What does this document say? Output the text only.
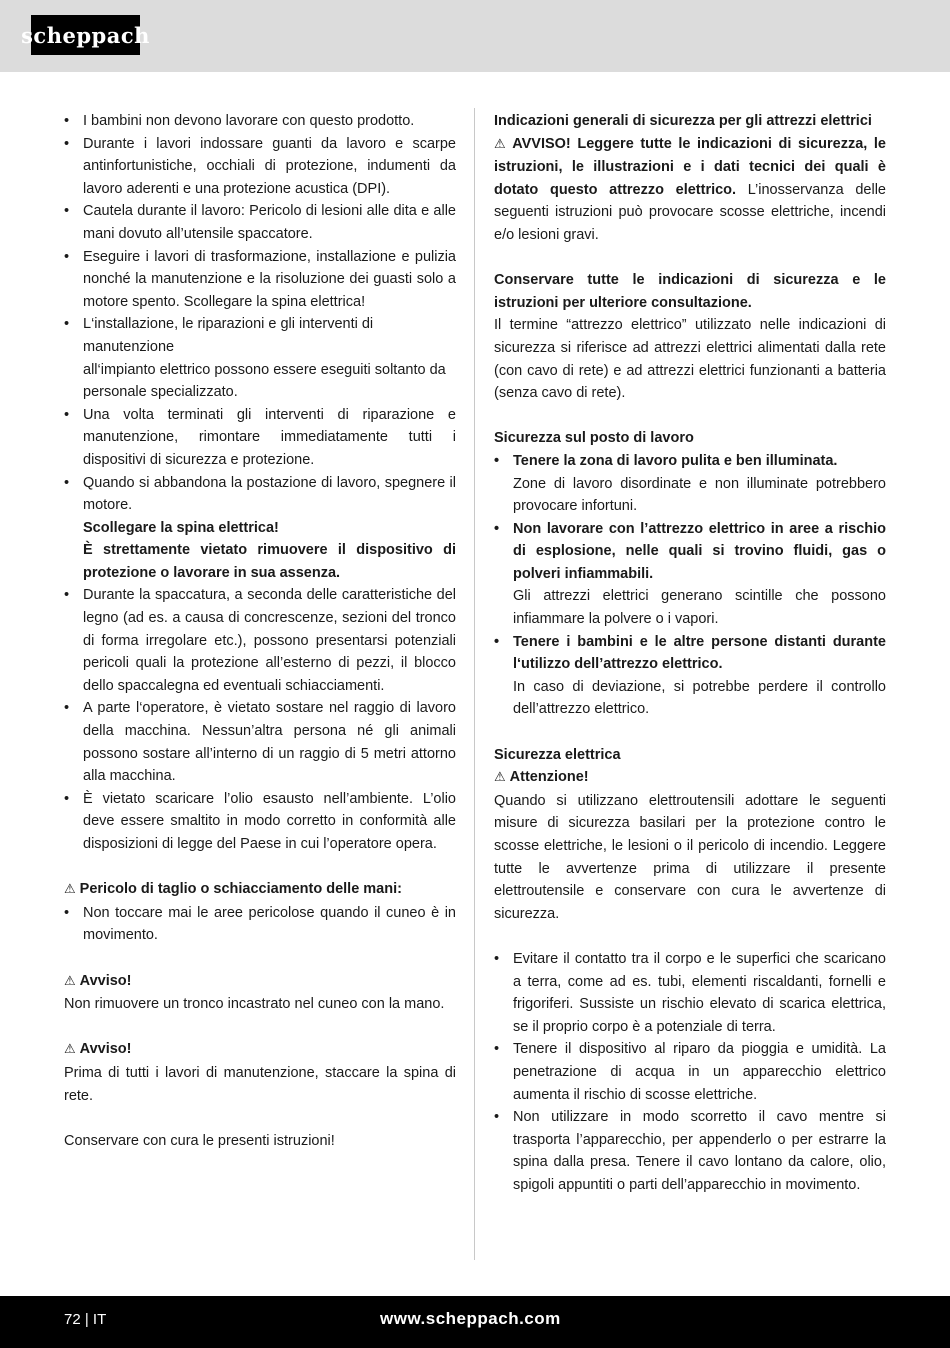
scheppach
• I bambini non devono lavorare con questo prodotto.
• Durante i lavori indossare guanti da lavoro e scarpe antinfortunistiche, occhiali di protezione, indumenti da lavoro aderenti e una protezione acustica (DPI).
• Cautela durante il lavoro: Pericolo di lesioni alle dita e alle mani dovuto all’utensile spaccatore.
• Eseguire i lavori di trasformazione, installazione e pulizia nonché la manutenzione e la risoluzione dei guasti solo a motore spento. Scollegare la spina elettrica!
• L‘installazione, le riparazioni e gli interventi di manutenzione
all‘impianto elettrico possono essere eseguiti soltanto da personale specializzato.
• Una volta terminati gli interventi di riparazione e manutenzione, rimontare immediatamente tutti i dispositivi di sicurezza e protezione.
• Quando si abbandona la postazione di lavoro, spegnere il motore.
Scollegare la spina elettrica!
È strettamente vietato rimuovere il dispositivo di protezione o lavorare in sua assenza.
• Durante la spaccatura, a seconda delle caratteristiche del legno (ad es. a causa di concrescenze, sezioni del tronco di forma irregolare etc.), possono presentarsi potenziali pericoli quali la protezione all’esterno di pezzi, il blocco dello spaccalegna ed eventuali schiacciamenti.
• A parte l‘operatore, è vietato sostare nel raggio di lavoro della macchina. Nessun’altra persona né gli animali possono sostare all’interno di un raggio di 5 metri attorno alla macchina.
• È vietato scaricare l’olio esausto nell’ambiente. L’olio deve essere smaltito in modo corretto in conformità alle disposizioni di legge del Paese in cui l’operatore opera.

⚠ Pericolo di taglio o schiacciamento delle mani:

• Non toccare mai le aree pericolose quando il cuneo è in movimento.

⚠ Avviso!

Non rimuovere un tronco incastrato nel cuneo con la mano.

⚠ Avviso!

Prima di tutti i lavori di manutenzione, staccare la spina di rete.

Conservare con cura le presenti istruzioni!

Indicazioni generali di sicurezza per gli attrezzi elettrici

⚠ AVVISO! Leggere tutte le indicazioni di sicurezza, le istruzioni, le illustrazioni e i dati tecnici dei quali è dotato questo attrezzo elettrico. L’inosservanza delle seguenti istruzioni può provocare scosse elettriche, incendi e/o lesioni gravi.

Conservare tutte le indicazioni di sicurezza e le istruzioni per ulteriore consultazione.

Il termine “attrezzo elettrico” utilizzato nelle indicazioni di sicurezza si riferisce ad attrezzi elettrici alimentati dalla rete (con cavo di rete) e ad attrezzi elettrici funzionanti a batteria (senza cavo di rete).

Sicurezza sul posto di lavoro

• Tenere la zona di lavoro pulita e ben illuminata.
Zone di lavoro disordinate e non illuminate potrebbero provocare infortuni.
• Non lavorare con l’attrezzo elettrico in aree a rischio di esplosione, nelle quali si trovino fluidi, gas o polveri infiammabili.
Gli attrezzi elettrici generano scintille che possono infiammare la polvere o i vapori.
• Tenere i bambini e le altre persone distanti durante l‘utilizzo dell’attrezzo elettrico.
In caso di deviazione, si potrebbe perdere il controllo dell’attrezzo elettrico.

Sicurezza elettrica

⚠ Attenzione!

Quando si utilizzano elettroutensili adottare le seguenti misure di sicurezza basilari per la protezione contro le scosse elettriche, le lesioni o il pericolo di incendio. Leggere tutte le avvertenze prima di utilizzare il presente elettroutensile e conservare con cura le avvertenze di sicurezza.

• Evitare il contatto tra il corpo e le superfici che scaricano a terra, come ad es. tubi, elementi riscaldanti, fornelli e frigoriferi. Sussiste un rischio elevato di scarica elettrica, se il proprio corpo è a potenziale di terra.
• Tenere il dispositivo al riparo da pioggia e umidità. La penetrazione di acqua in un apparecchio elettrico aumenta il rischio di scosse elettriche.
• Non utilizzare in modo scorretto il cavo mentre si trasporta l’apparecchio, per appenderlo o per estrarre la spina dalla presa. Tenere il cavo lontano da calore, olio, spigoli appuntiti o parti dell’apparecchio in movimento.
72 | IT	www.scheppach.com
